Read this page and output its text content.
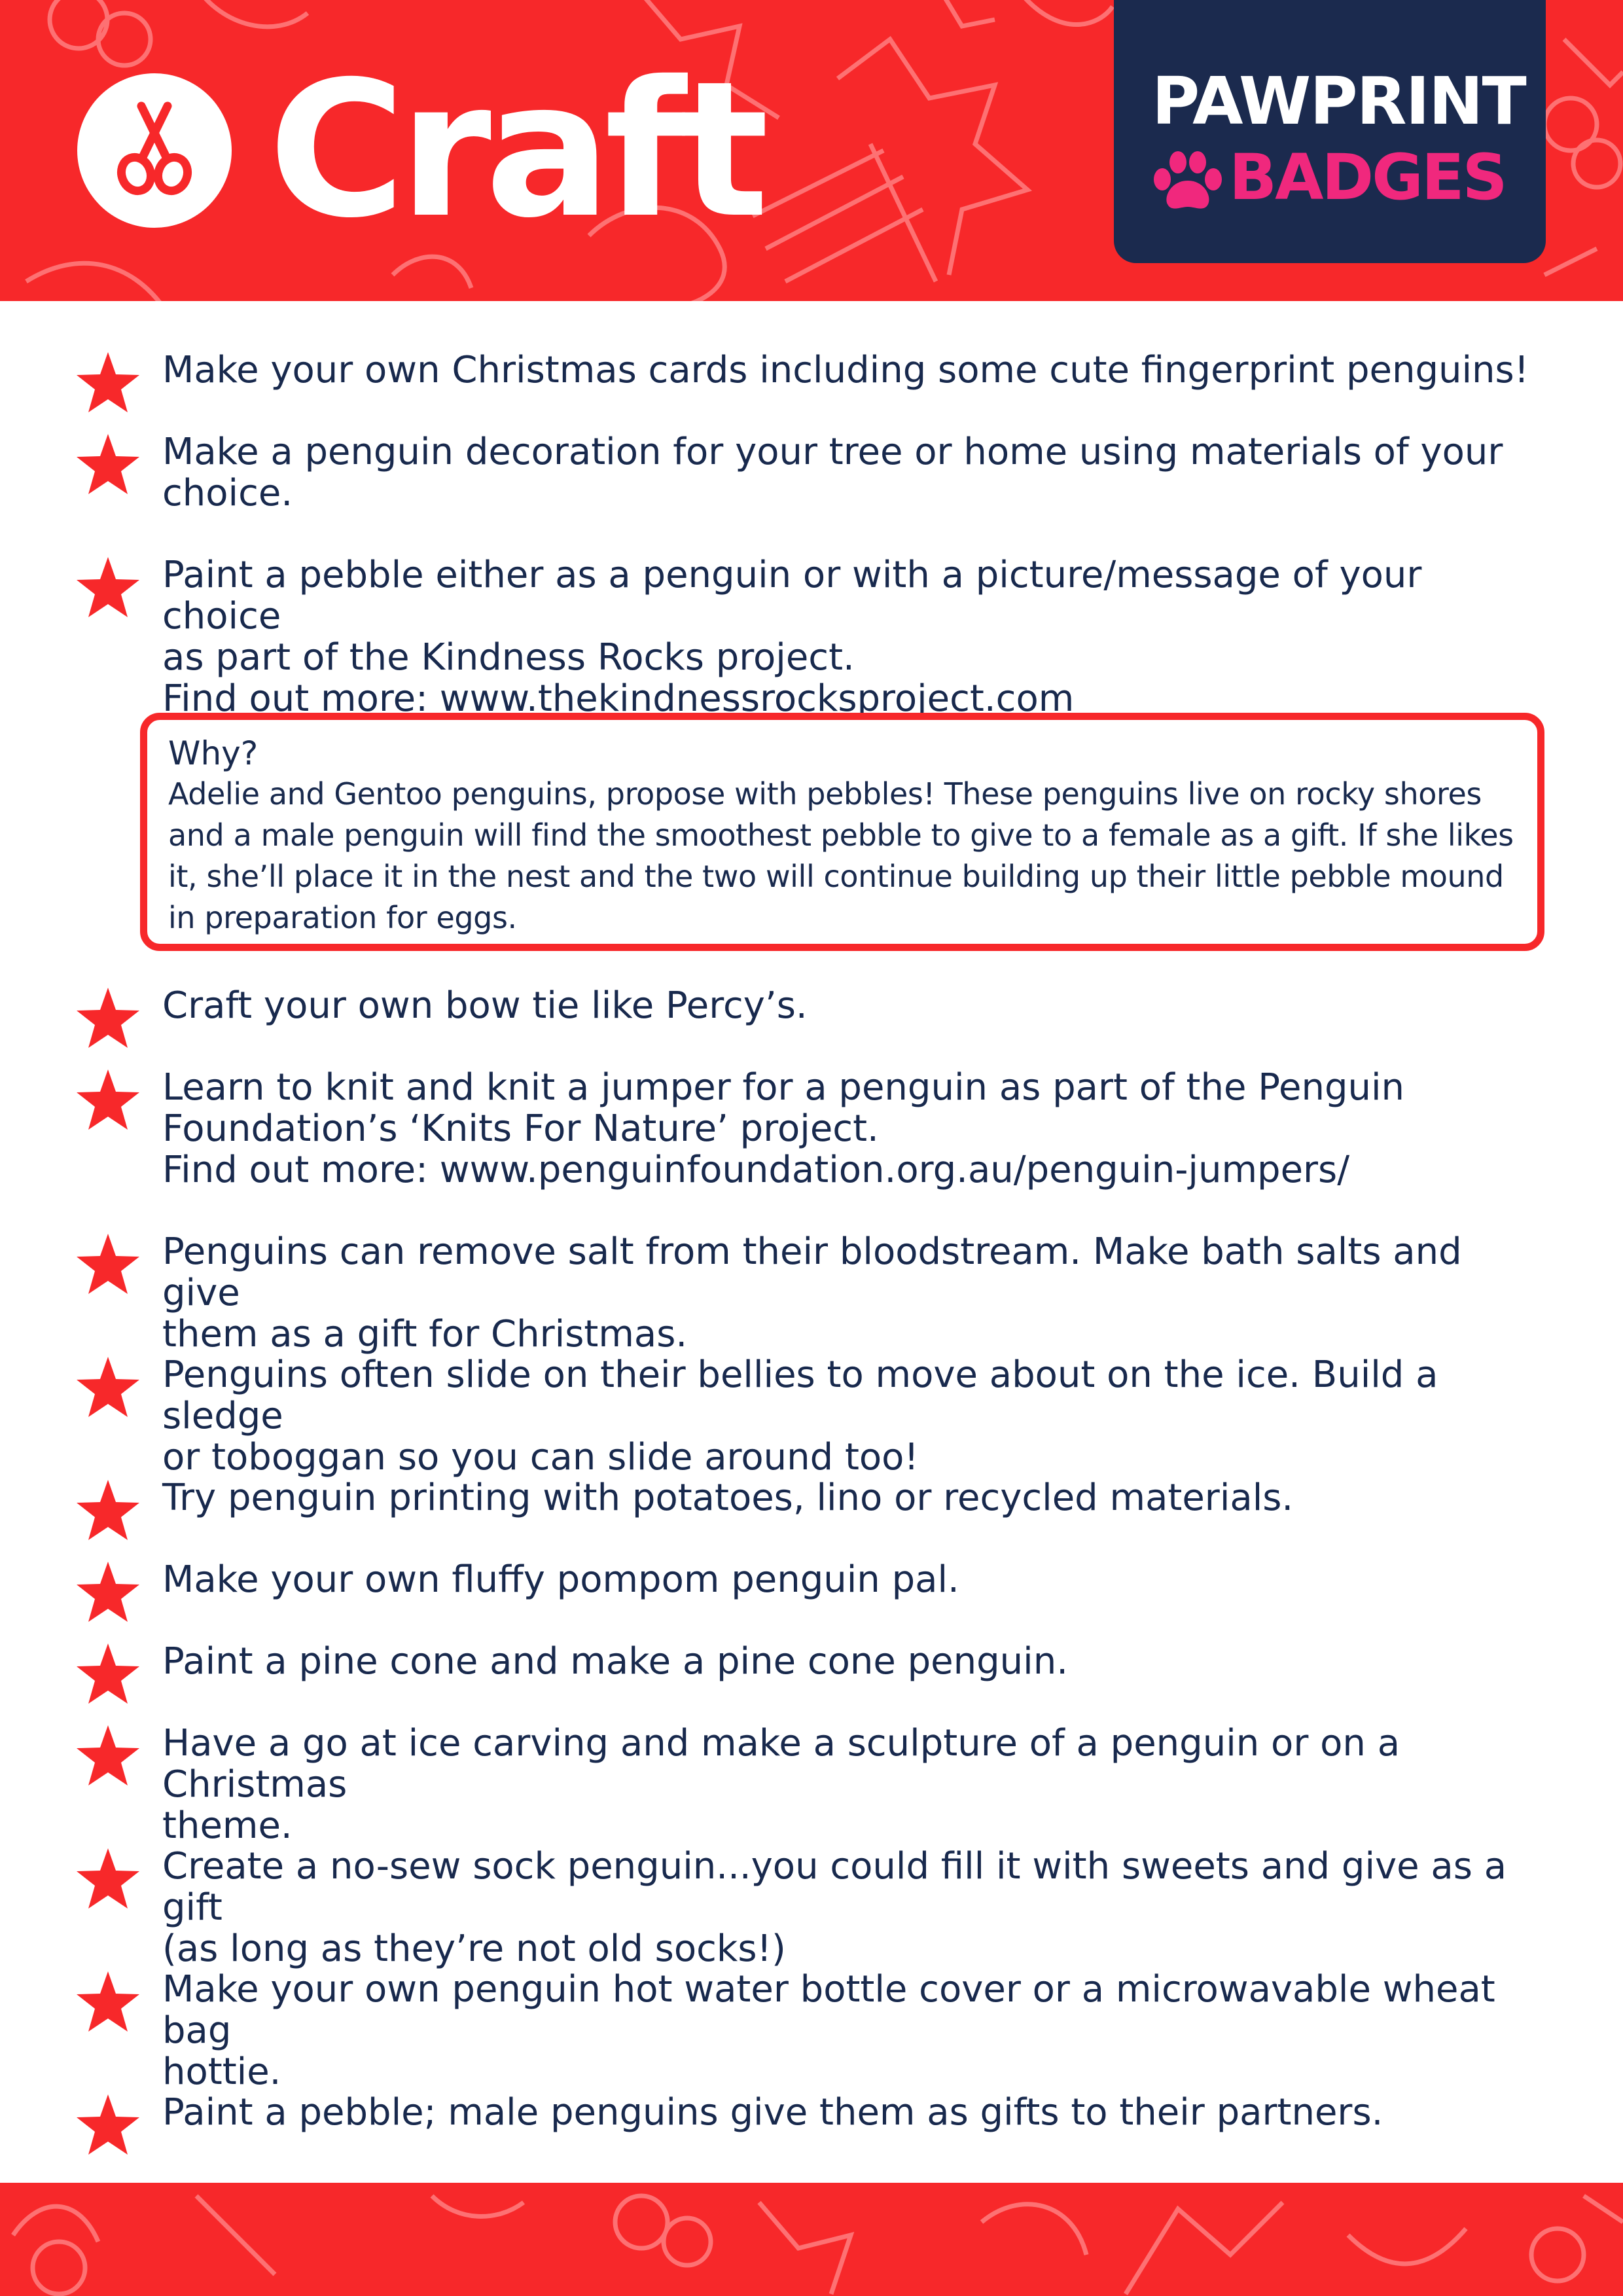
Craft	PAWPRINT
BADGES
Make your own Christmas cards including some cute fingerprint penguins!
Make a penguin decoration for your tree or home using materials of your
choice.
Paint a pebble either as a penguin or with a picture/message of your choice
as part of the Kindness Rocks project.
Find out more: www.thekindnessrocksproject.com
Why?
Adelie and Gentoo penguins, propose with pebbles! These penguins live on rocky shores and a male penguin will find the smoothest pebble to give to a female as a gift. If she likes it, she’ll place it in the nest and the two will continue building up their little pebble mound in preparation for eggs.
Craft your own bow tie like Percy’s.
Learn to knit and knit a jumper for a penguin as part of the Penguin
Foundation’s ‘Knits For Nature’ project.
Find out more: www.penguinfoundation.org.au/penguin-jumpers/
Penguins can remove salt from their bloodstream. Make bath salts and give
them as a gift for Christmas.
Penguins often slide on their bellies to move about on the ice. Build a sledge
or toboggan so you can slide around too!
Try penguin printing with potatoes, lino or recycled materials.
Make your own fluffy pompom penguin pal.
Paint a pine cone and make a pine cone penguin.
Have a go at ice carving and make a sculpture of a penguin or on a Christmas
theme.
Create a no-sew sock penguin...you could fill it with sweets and give as a gift
(as long as they’re not old socks!)
Make your own penguin hot water bottle cover or a microwavable wheat bag
hottie.
Paint a pebble; male penguins give them as gifts to their partners.
